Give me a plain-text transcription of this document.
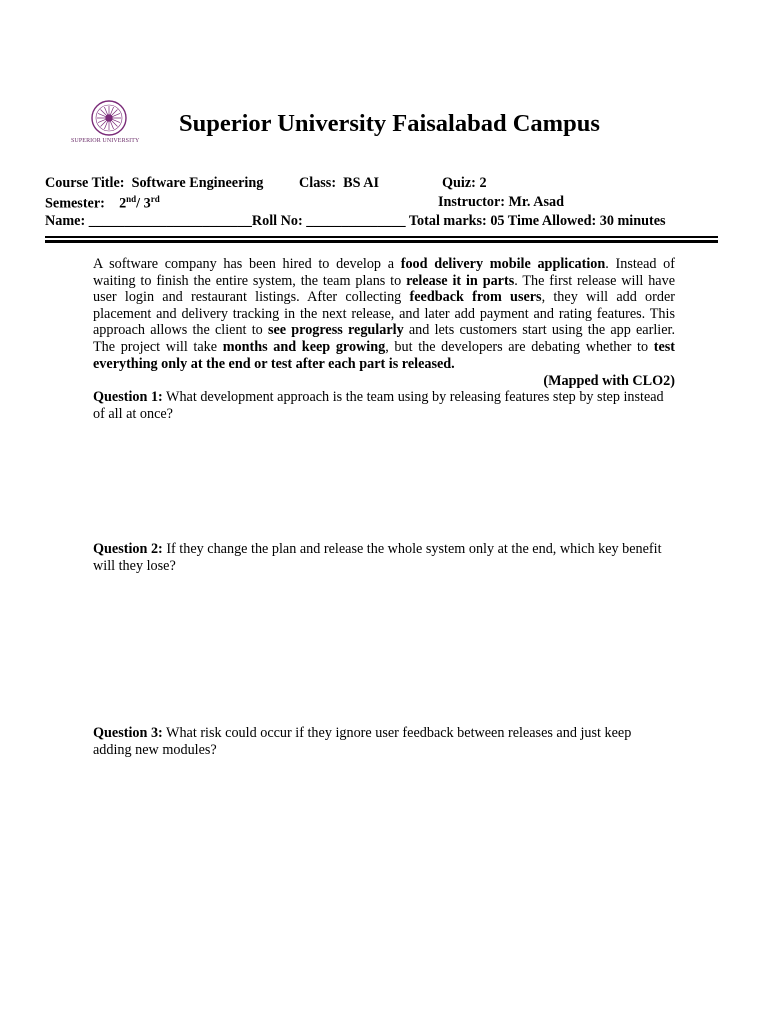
SUPERIOR UNIVERSITY
Superior University Faisalabad Campus
Course Title: Software Engineering	Class: BS AI	Quiz: 2
Semester: 2nd/ 3rd	Instructor: Mr. Asad
Name: _______________________Roll No: ______________ Total marks: 05 Time Allowed: 30 minutes
A software company has been hired to develop a food delivery mobile application. Instead of waiting to finish the entire system, the team plans to release it in parts. The first release will have user login and restaurant listings. After collecting feedback from users, they will add order placement and delivery tracking in the next release, and later add payment and rating features. This approach allows the client to see progress regularly and lets customers start using the app earlier. The project will take months and keep growing, but the developers are debating whether to test everything only at the end or test after each part is released.
(Mapped with CLO2)
Question 1: What development approach is the team using by releasing features step by step instead of all at once?
Question 2: If they change the plan and release the whole system only at the end, which key benefit will they lose?
Question 3: What risk could occur if they ignore user feedback between releases and just keep adding new modules?
